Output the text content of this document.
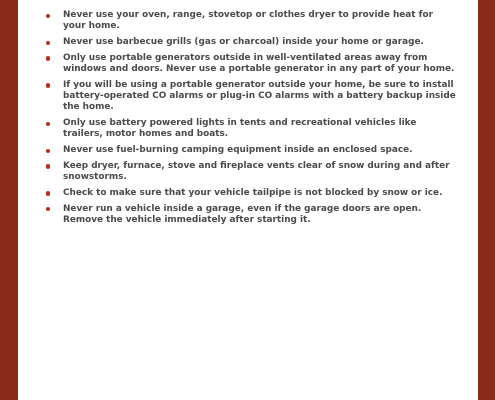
Never use your oven, range, stovetop or clothes dryer to provide heat for your home.
Never use barbecue grills (gas or charcoal) inside your home or garage.
Only use portable generators outside in well-ventilated areas away from windows and doors. Never use a portable generator in any part of your home.
If you will be using a portable generator outside your home, be sure to install battery-operated CO alarms or plug-in CO alarms with a battery backup inside the home.
Only use battery powered lights in tents and recreational vehicles like trailers, motor homes and boats.
Never use fuel-burning camping equipment inside an enclosed space.
Keep dryer, furnace, stove and fireplace vents clear of snow during and after snowstorms.
Check to make sure that your vehicle tailpipe is not blocked by snow or ice.
Never run a vehicle inside a garage, even if the garage doors are open. Remove the vehicle immediately after starting it.
